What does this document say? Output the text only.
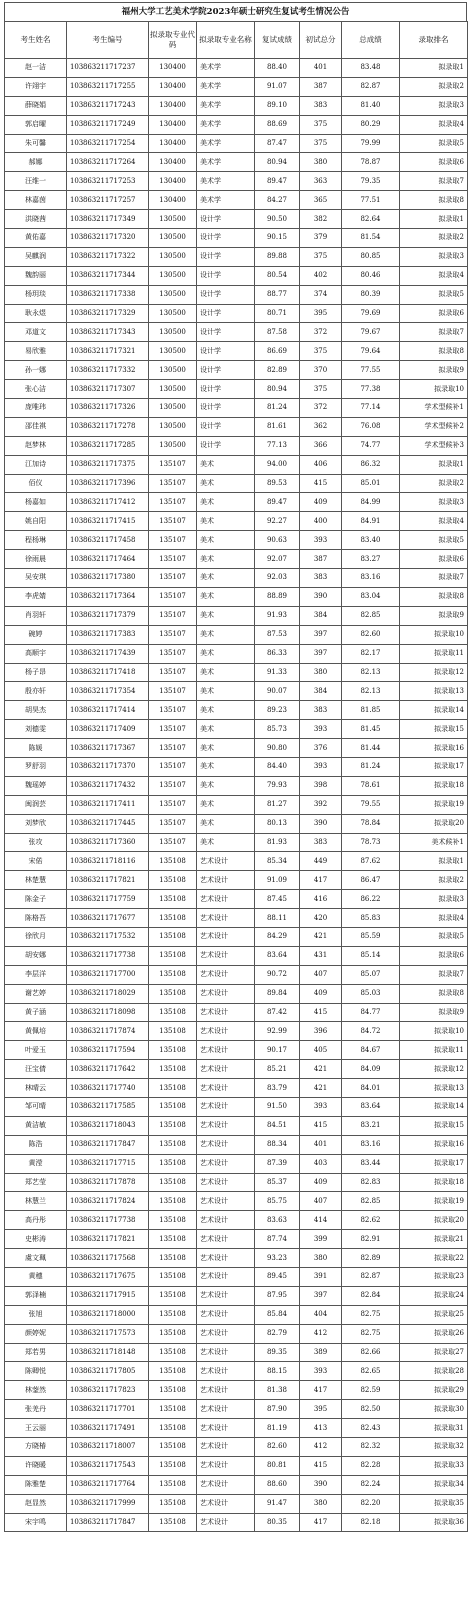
福州大学工艺美术学院2023年硕士研究生复试考生情况公告
考生姓名	考生编号	拟录取专业代码	拟录取专业名称	复试成绩	初试总分	总成绩	录取排名
赵一洁	103863211717237	130400	美术学	88.40	401	83.48	拟录取1
许翊宇	103863211717255	130400	美术学	91.07	387	82.87	拟录取2
薛晓娟	103863211717243	130400	美术学	89.10	383	81.40	拟录取3
郭启曜	103863211717249	130400	美术学	88.69	375	80.29	拟录取4
朱可馨	103863211717254	130400	美术学	87.47	375	79.99	拟录取5
郝娜	103863211717264	130400	美术学	80.94	380	78.87	拟录取6
汪维一	103863211717253	130400	美术学	89.47	363	79.35	拟录取7
林嘉茵	103863211717257	130400	美术学	84.27	365	77.51	拟录取8
洪晓茜	103863211717349	130500	设计学	90.50	382	82.64	拟录取1
黄佑嘉	103863211717320	130500	设计学	90.15	379	81.54	拟录取2
吴麒润	103863211717322	130500	设计学	89.88	375	80.85	拟录取3
魏韵丽	103863211717344	130500	设计学	80.54	402	80.46	拟录取4
杨玥琰	103863211717338	130500	设计学	88.77	374	80.39	拟录取5
耿永煜	103863211717329	130500	设计学	80.71	395	79.69	拟录取6
邓道文	103863211717343	130500	设计学	87.58	372	79.67	拟录取7
易欣雅	103863211717321	130500	设计学	86.69	375	79.64	拟录取8
孙一娜	103863211717332	130500	设计学	82.89	370	77.55	拟录取9
张心洁	103863211717307	130500	设计学	80.94	375	77.38	拟录取10
庞唯玮	103863211717326	130500	设计学	81.24	372	77.14	学术型候补1
邵佳祺	103863211717278	130500	设计学	81.61	362	76.08	学术型候补2
赵梦林	103863211717285	130500	设计学	77.13	366	74.77	学术型候补3
江加诗	103863211717375	135107	美术	94.00	406	86.32	拟录取1
佰仪	103863211717396	135107	美术	89.53	415	85.01	拟录取2
杨嘉如	103863211717412	135107	美术	89.47	409	84.99	拟录取3
姚自阳	103863211717415	135107	美术	92.27	400	84.91	拟录取4
程杨琳	103863211717458	135107	美术	90.63	393	83.40	拟录取5
徐雨晨	103863211717464	135107	美术	92.07	387	83.27	拟录取6
吴安琪	103863211717380	135107	美术	92.03	383	83.16	拟录取7
李虎婧	103863211717364	135107	美术	88.89	390	83.04	拟录取8
肖羽轩	103863211717379	135107	美术	91.93	384	82.85	拟录取9
碗婷	103863211717383	135107	美术	87.53	397	82.60	拟录取10
高顺宇	103863211717439	135107	美术	86.33	397	82.17	拟录取11
杨子昂	103863211717418	135107	美术	91.33	380	82.13	拟录取12
殷亦轩	103863211717354	135107	美术	90.07	384	82.13	拟录取13
胡昊杰	103863211717414	135107	美术	89.23	383	81.85	拟录取14
刘德雯	103863211717409	135107	美术	85.73	393	81.45	拟录取15
陈媛	103863211717367	135107	美术	90.80	376	81.44	拟录取16
罗舒羽	103863211717370	135107	美术	84.40	393	81.24	拟录取17
魏瑶婷	103863211717432	135107	美术	79.93	398	78.61	拟录取18
闽润芸	103863211717411	135107	美术	81.27	392	79.55	拟录取19
刘梦欣	103863211717445	135107	美术	80.13	390	78.84	拟录取20
张攻	103863211717360	135107	美术	81.93	383	78.73	美术候补1
宋偌	103863211718116	135108	艺术设计	85.34	449	87.62	拟录取1
林楚慧	103863211717821	135108	艺术设计	91.09	417	86.47	拟录取2
陈金子	103863211717759	135108	艺术设计	87.45	416	86.22	拟录取3
陈格吾	103863211717677	135108	艺术设计	88.11	420	85.83	拟录取4
徐欣月	103863211717532	135108	艺术设计	84.29	421	85.59	拟录取5
胡安娜	103863211717738	135108	艺术设计	83.64	431	85.14	拟录取6
李层洋	103863211717700	135108	艺术设计	90.72	407	85.07	拟录取7
谢艺婷	103863211718029	135108	艺术设计	89.84	409	85.03	拟录取8
黄子涵	103863211718098	135108	艺术设计	87.42	415	84.77	拟录取9
黄佩培	103863211717874	135108	艺术设计	92.99	396	84.72	拟录取10
叶爱玉	103863211717594	135108	艺术设计	90.17	405	84.67	拟录取11
汪宝倩	103863211717642	135108	艺术设计	85.21	421	84.09	拟录取12
林晴云	103863211717740	135108	艺术设计	83.79	421	84.01	拟录取13
邹可晴	103863211717585	135108	艺术设计	91.50	393	83.64	拟录取14
黄洁敏	103863211718043	135108	艺术设计	84.51	415	83.21	拟录取15
陈浩	103863211717847	135108	艺术设计	88.34	401	83.16	拟录取16
黄滢	103863211717715	135108	艺术设计	87.39	403	83.44	拟录取17
郑艺莹	103863211717878	135108	艺术设计	85.37	409	82.83	拟录取18
林慧兰	103863211717824	135108	艺术设计	85.75	407	82.85	拟录取19
高丹彤	103863211717738	135108	艺术设计	83.63	414	82.62	拟录取20
史彬涛	103863211717821	135108	艺术设计	87.74	399	82.91	拟录取21
虞文珮	103863211717568	135108	艺术设计	93.23	380	82.89	拟录取22
黄穗	103863211717675	135108	艺术设计	89.45	391	82.87	拟录取23
郭泽楠	103863211717915	135108	艺术设计	87.95	397	82.84	拟录取24
张旭	103863211718000	135108	艺术设计	85.84	404	82.75	拟录取25
颜婷妮	103863211717573	135108	艺术设计	82.79	412	82.75	拟录取26
郑若男	103863211718148	135108	艺术设计	89.35	389	82.66	拟录取27
陈卿悦	103863211717805	135108	艺术设计	88.15	393	82.65	拟录取28
林蓥然	103863211717823	135108	艺术设计	81.38	417	82.59	拟录取29
张羌丹	103863211717701	135108	艺术设计	87.90	395	82.50	拟录取30
王云丽	103863211717491	135108	艺术设计	81.19	413	82.43	拟录取31
方晓椿	103863211718007	135108	艺术设计	82.60	412	82.32	拟录取32
许晓暖	103863211717543	135108	艺术设计	80.81	415	82.28	拟录取33
陈雅楚	103863211717764	135108	艺术设计	88.60	390	82.24	拟录取34
赵显然	103863211717999	135108	艺术设计	91.47	380	82.20	拟录取35
宋宇鸣	103863211717847	135108	艺术设计	80.35	417	82.18	拟录取36
